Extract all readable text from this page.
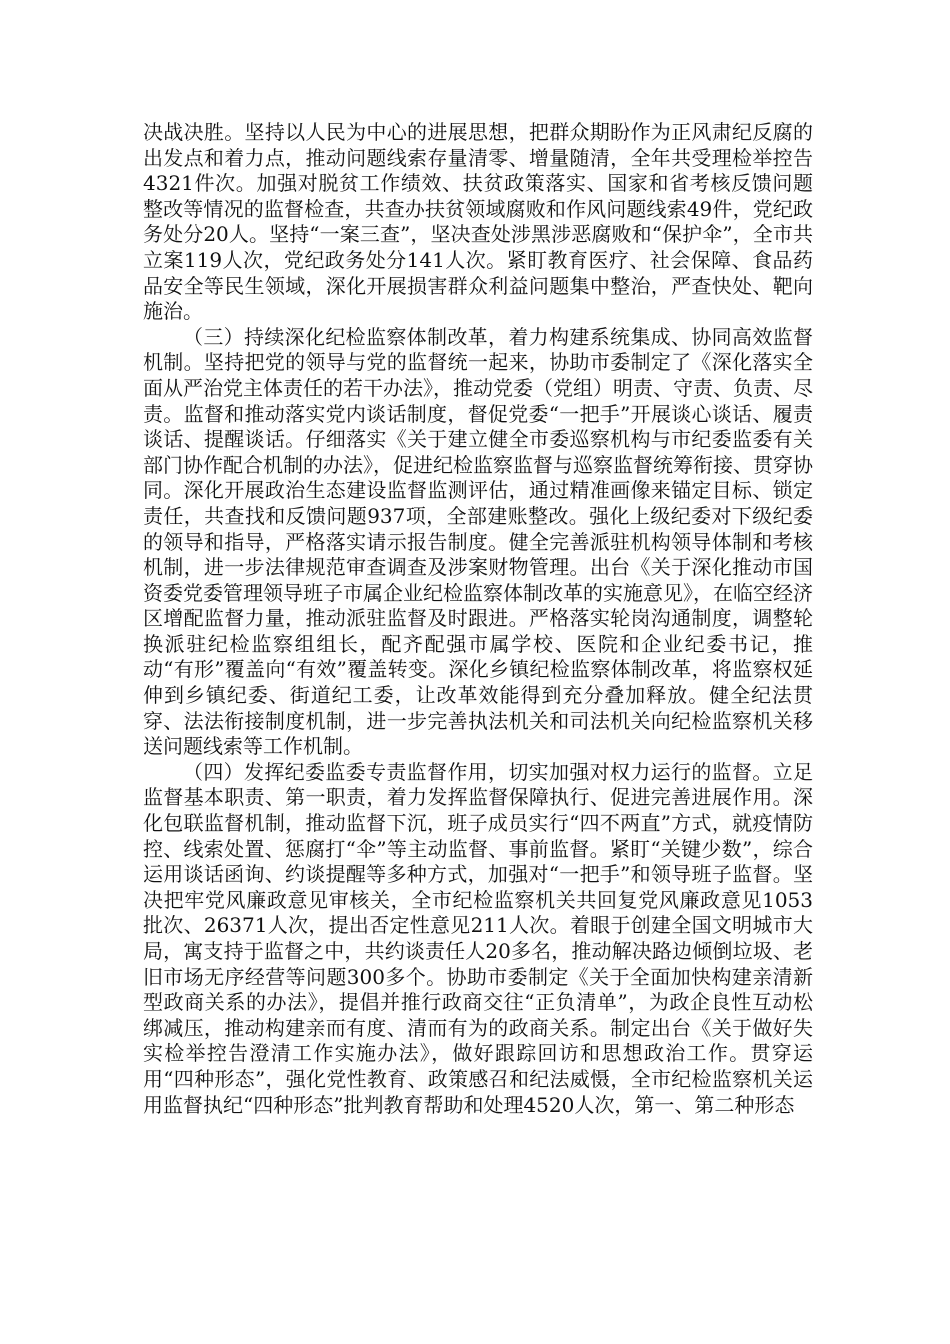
决战决胜。坚持以人民为中心的进展思想，把群众期盼作为正风肃纪反腐的出发点和着力点，推动问题线索存量清零、增量随清，全年共受理检举控告4321件次。加强对脱贫工作绩效、扶贫政策落实、国家和省考核反馈问题整改等情况的监督检查，共查办扶贫领域腐败和作风问题线索49件，党纪政务处分20人。坚持“一案三查”，坚决查处涉黑涉恶腐败和“保护伞”，全市共立案119人次，党纪政务处分141人次。紧盯教育医疗、社会保障、食品药品安全等民生领域，深化开展损害群众利益问题集中整治，严查快处、靶向施治。

（三）持续深化纪检监察体制改革，着力构建系统集成、协同高效监督机制。坚持把党的领导与党的监督统一起来，协助市委制定了《深化落实全面从严治党主体责任的若干办法》，推动党委（党组）明责、守责、负责、尽责。监督和推动落实党内谈话制度，督促党委“一把手”开展谈心谈话、履责谈话、提醒谈话。仔细落实《关于建立健全市委巡察机构与市纪委监委有关部门协作配合机制的办法》，促进纪检监察监督与巡察监督统筹衔接、贯穿协同。深化开展政治生态建设监督监测评估，通过精准画像来锚定目标、锁定责任，共查找和反馈问题937项，全部建账整改。强化上级纪委对下级纪委的领导和指导，严格落实请示报告制度。健全完善派驻机构领导体制和考核机制，进一步法律规范审查调查及涉案财物管理。出台《关于深化推动市国资委党委管理领导班子市属企业纪检监察体制改革的实施意见》，在临空经济区增配监督力量，推动派驻监督及时跟进。严格落实轮岗沟通制度，调整轮换派驻纪检监察组组长，配齐配强市属学校、医院和企业纪委书记，推动“有形”覆盖向“有效”覆盖转变。深化乡镇纪检监察体制改革，将监察权延伸到乡镇纪委、街道纪工委，让改革效能得到充分叠加释放。健全纪法贯穿、法法衔接制度机制，进一步完善执法机关和司法机关向纪检监察机关移送问题线索等工作机制。

（四）发挥纪委监委专责监督作用，切实加强对权力运行的监督。立足监督基本职责、第一职责，着力发挥监督保障执行、促进完善进展作用。深化包联监督机制，推动监督下沉，班子成员实行“四不两直”方式，就疫情防控、线索处置、惩腐打“伞”等主动监督、事前监督。紧盯“关键少数”，综合运用谈话函询、约谈提醒等多种方式，加强对“一把手”和领导班子监督。坚决把牢党风廉政意见审核关，全市纪检监察机关共回复党风廉政意见1053批次、26371人次，提出否定性意见211人次。着眼于创建全国文明城市大局，寓支持于监督之中，共约谈责任人20多名，推动解决路边倾倒垃圾、老旧市场无序经营等问题300多个。协助市委制定《关于全面加快构建亲清新型政商关系的办法》，提倡并推行政商交往“正负清单”，为政企良性互动松绑减压，推动构建亲而有度、清而有为的政商关系。制定出台《关于做好失实检举控告澄清工作实施办法》，做好跟踪回访和思想政治工作。贯穿运用“四种形态”，强化党性教育、政策感召和纪法威慑，全市纪检监察机关运用监督执纪“四种形态”批判教育帮助和处理4520人次，第一、第二种形态
